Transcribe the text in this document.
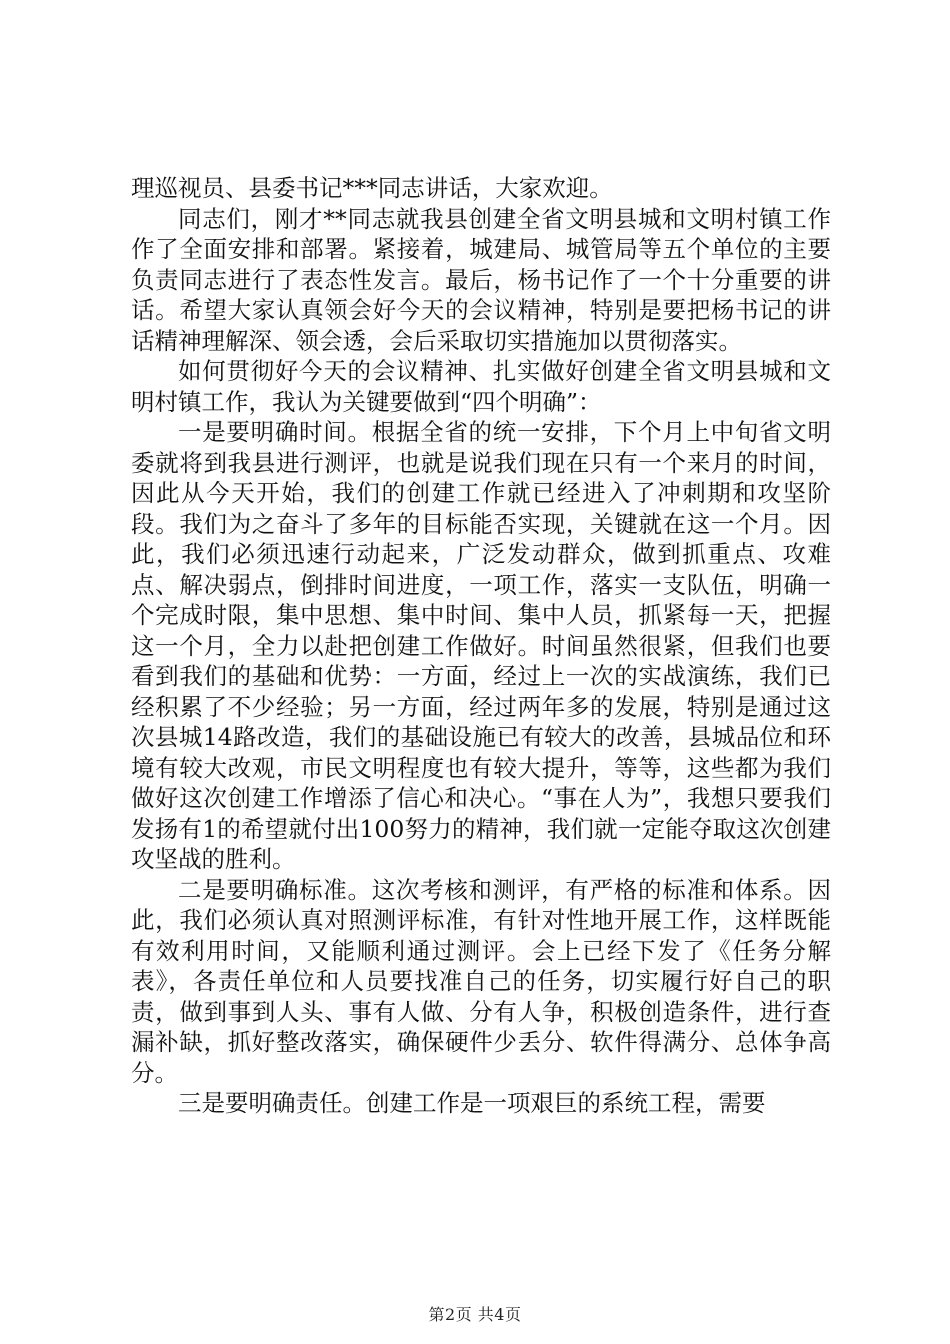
理巡视员、县委书记***同志讲话，大家欢迎。

同志们，刚才**同志就我县创建全省文明县城和文明村镇工作作了全面安排和部署。紧接着，城建局、城管局等五个单位的主要负责同志进行了表态性发言。最后，杨书记作了一个十分重要的讲话。希望大家认真领会好今天的会议精神，特别是要把杨书记的讲话精神理解深、领会透，会后采取切实措施加以贯彻落实。

如何贯彻好今天的会议精神、扎实做好创建全省文明县城和文明村镇工作，我认为关键要做到“四个明确”：

一是要明确时间。根据全省的统一安排，下个月上中旬省文明委就将到我县进行测评，也就是说我们现在只有一个来月的时间，因此从今天开始，我们的创建工作就已经进入了冲刺期和攻坚阶段。我们为之奋斗了多年的目标能否实现，关键就在这一个月。因此，我们必须迅速行动起来，广泛发动群众，做到抓重点、攻难点、解决弱点，倒排时间进度，一项工作，落实一支队伍，明确一个完成时限，集中思想、集中时间、集中人员，抓紧每一天，把握这一个月，全力以赴把创建工作做好。时间虽然很紧，但我们也要看到我们的基础和优势：一方面，经过上一次的实战演练，我们已经积累了不少经验；另一方面，经过两年多的发展，特别是通过这次县城14路改造，我们的基础设施已有较大的改善，县城品位和环境有较大改观，市民文明程度也有较大提升，等等，这些都为我们做好这次创建工作增添了信心和决心。“事在人为”，我想只要我们发扬有1的希望就付出100努力的精神，我们就一定能夺取这次创建攻坚战的胜利。

二是要明确标准。这次考核和测评，有严格的标准和体系。因此，我们必须认真对照测评标准，有针对性地开展工作，这样既能有效利用时间，又能顺利通过测评。会上已经下发了《任务分解表》，各责任单位和人员要找准自己的任务，切实履行好自己的职责，做到事到人头、事有人做、分有人争，积极创造条件，进行查漏补缺，抓好整改落实，确保硬件少丢分、软件得满分、总体争高分。

三是要明确责任。创建工作是一项艰巨的系统工程，需要

第2页 共4页
